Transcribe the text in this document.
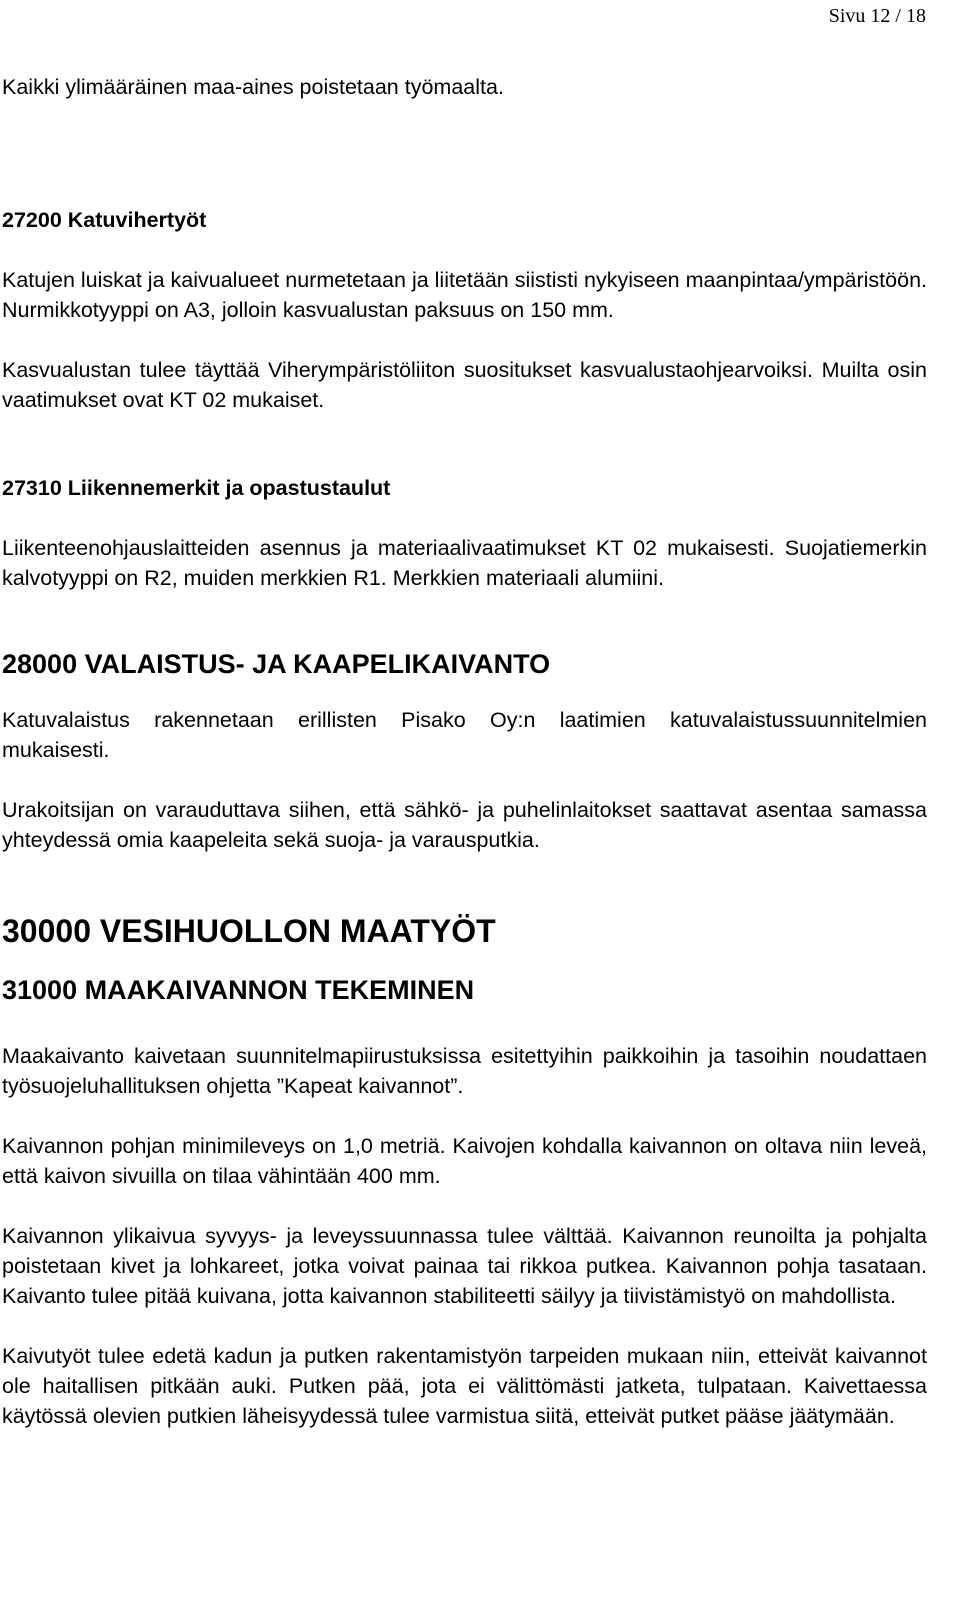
Sivu 12 / 18

Kaikki ylimääräinen maa-aines poistetaan työmaalta.

27200 Katuvihertyöt

Katujen luiskat ja kaivualueet nurmetetaan ja liitetään siististi nykyiseen maanpintaa/ympäristöön. Nurmikkotyyppi on A3, jolloin kasvualustan paksuus on 150 mm.

Kasvualustan tulee täyttää Viherympäristöliiton suositukset kasvualustaohjearvoiksi. Muilta osin vaatimukset ovat KT 02 mukaiset.

27310 Liikennemerkit ja opastustaulut

Liikenteenohjauslaitteiden asennus ja materiaalivaatimukset KT 02 mukaisesti. Suojatiemerkin kalvotyyppi on R2, muiden merkkien R1. Merkkien materiaali alumiini.

28000 VALAISTUS- JA KAAPELIKAIVANTO

Katuvalaistus rakennetaan erillisten Pisako Oy:n laatimien katuvalaistussuunnitelmien mukaisesti.

Urakoitsijan on varauduttava siihen, että sähkö- ja puhelinlaitokset saattavat asentaa samassa yhteydessä omia kaapeleita sekä suoja- ja varausputkia.

30000 VESIHUOLLON MAATYÖT
31000 MAAKAIVANNON TEKEMINEN

Maakaivanto kaivetaan suunnitelmapiirustuksissa esitettyihin paikkoihin ja tasoihin noudattaen työsuojeluhallituksen ohjetta ”Kapeat kaivannot”.

Kaivannon pohjan minimileveys on 1,0 metriä. Kaivojen kohdalla kaivannon on oltava niin leveä, että kaivon sivuilla on tilaa vähintään 400 mm.

Kaivannon ylikaivua syvyys- ja leveyssuunnassa tulee välttää. Kaivannon reunoilta ja pohjalta poistetaan kivet ja lohkareet, jotka voivat painaa tai rikkoa putkea. Kaivannon pohja tasataan. Kaivanto tulee pitää kuivana, jotta kaivannon stabiliteetti säilyy ja tiivistämistyö on mahdollista.

Kaivutyöt tulee edetä kadun ja putken rakentamistyön tarpeiden mukaan niin, etteivät kaivannot ole haitallisen pitkään auki. Putken pää, jota ei välittömästi jatketa, tulpataan. Kaivettaessa käytössä olevien putkien läheisyydessä tulee varmistua siitä, etteivät putket pääse jäätymään.
